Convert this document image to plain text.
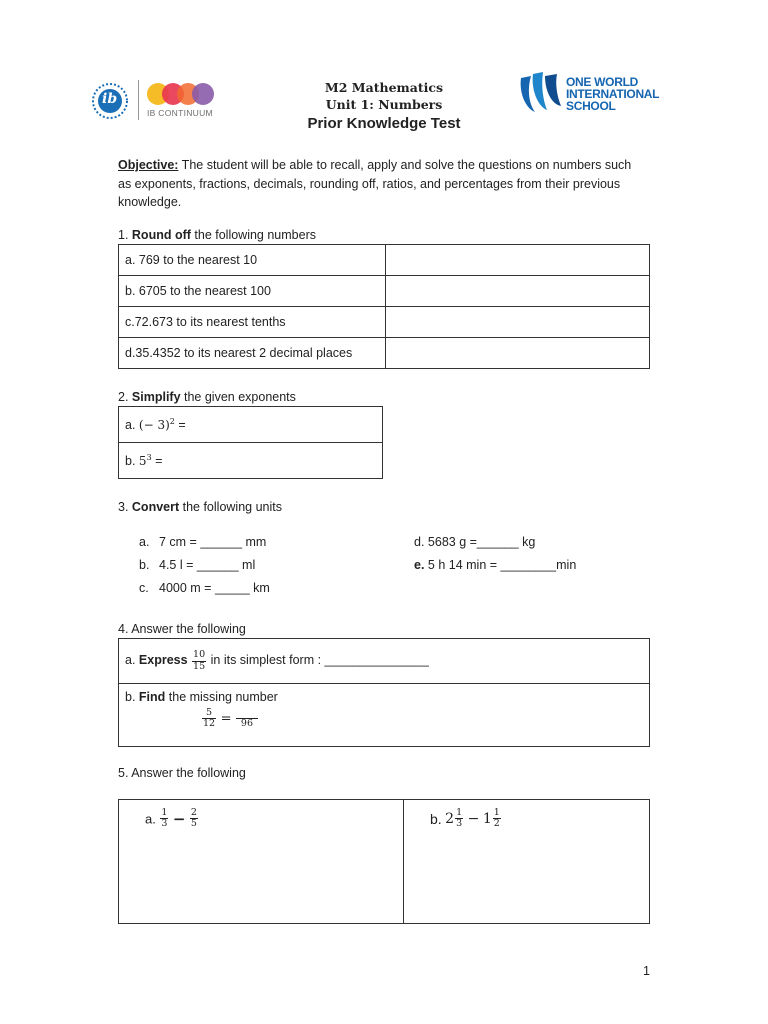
ib
IB CONTINUUM
M2 Mathematics
Unit 1: Numbers
Prior Knowledge Test
ONE WORLD
INTERNATIONAL
SCHOOL
Objective: The student will be able to recall, apply and solve the questions on numbers such as exponents, fractions, decimals, rounding off, ratios, and percentages from their previous knowledge.
1. Round off the following numbers
a. 769 to the nearest 10	
b. 6705 to the nearest 100	
c.72.673 to its nearest tenths	
d.35.4352 to its nearest 2 decimal places	
2. Simplify the given exponents
a. (− 3)$^2$ =
b. $5^3$ =
3. Convert the following units
a. 7 cm = ______ mm
b. 4.5 l = ______ ml
c. 4000 m = _____ km
d. 5683 g =______ kg
e. 5 h 14 min = ________min
4. Answer the following
a. Express $\frac{10}{15}$ in its simplest form : _______________

b. Find the missing number
$\frac{5}{12} = 96$
5. Answer the following
a. $\frac{1}{3} - \frac{2}{5}$	b. $2 \frac{1}{3} - 1 \frac{1}{2}$
1
